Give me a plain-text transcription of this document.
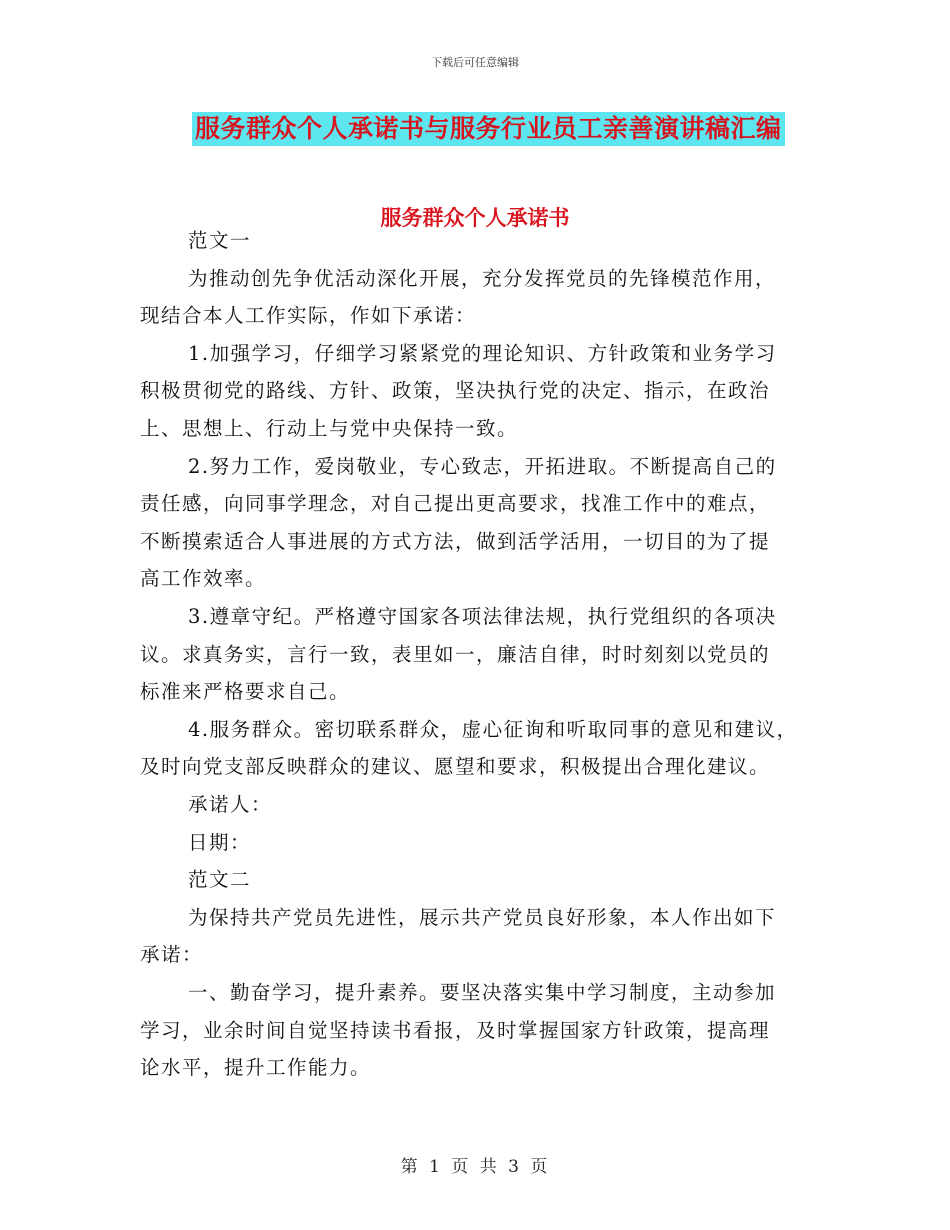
下载后可任意编辑
服务群众个人承诺书与服务行业员工亲善演讲稿汇编
服务群众个人承诺书
范文一
为推动创先争优活动深化开展，充分发挥党员的先锋模范作用，
现结合本人工作实际，作如下承诺：
1.加强学习，仔细学习紧紧党的理论知识、方针政策和业务学习
积极贯彻党的路线、方针、政策，坚决执行党的决定、指示，在政治
上、思想上、行动上与党中央保持一致。
2.努力工作，爱岗敬业，专心致志，开拓进取。不断提高自己的
责任感，向同事学理念，对自己提出更高要求，找准工作中的难点，
不断摸索适合人事进展的方式方法，做到活学活用，一切目的为了提
高工作效率。
3.遵章守纪。严格遵守国家各项法律法规，执行党组织的各项决
议。求真务实，言行一致，表里如一，廉洁自律，时时刻刻以党员的
标准来严格要求自己。
4.服务群众。密切联系群众，虚心征询和听取同事的意见和建议，
及时向党支部反映群众的建议、愿望和要求，积极提出合理化建议。
承诺人：
日期：
范文二
为保持共产党员先进性，展示共产党员良好形象，本人作出如下
承诺：
一、勤奋学习，提升素养。要坚决落实集中学习制度，主动参加
学习，业余时间自觉坚持读书看报，及时掌握国家方针政策，提高理
论水平，提升工作能力。
第 1 页 共 3 页
